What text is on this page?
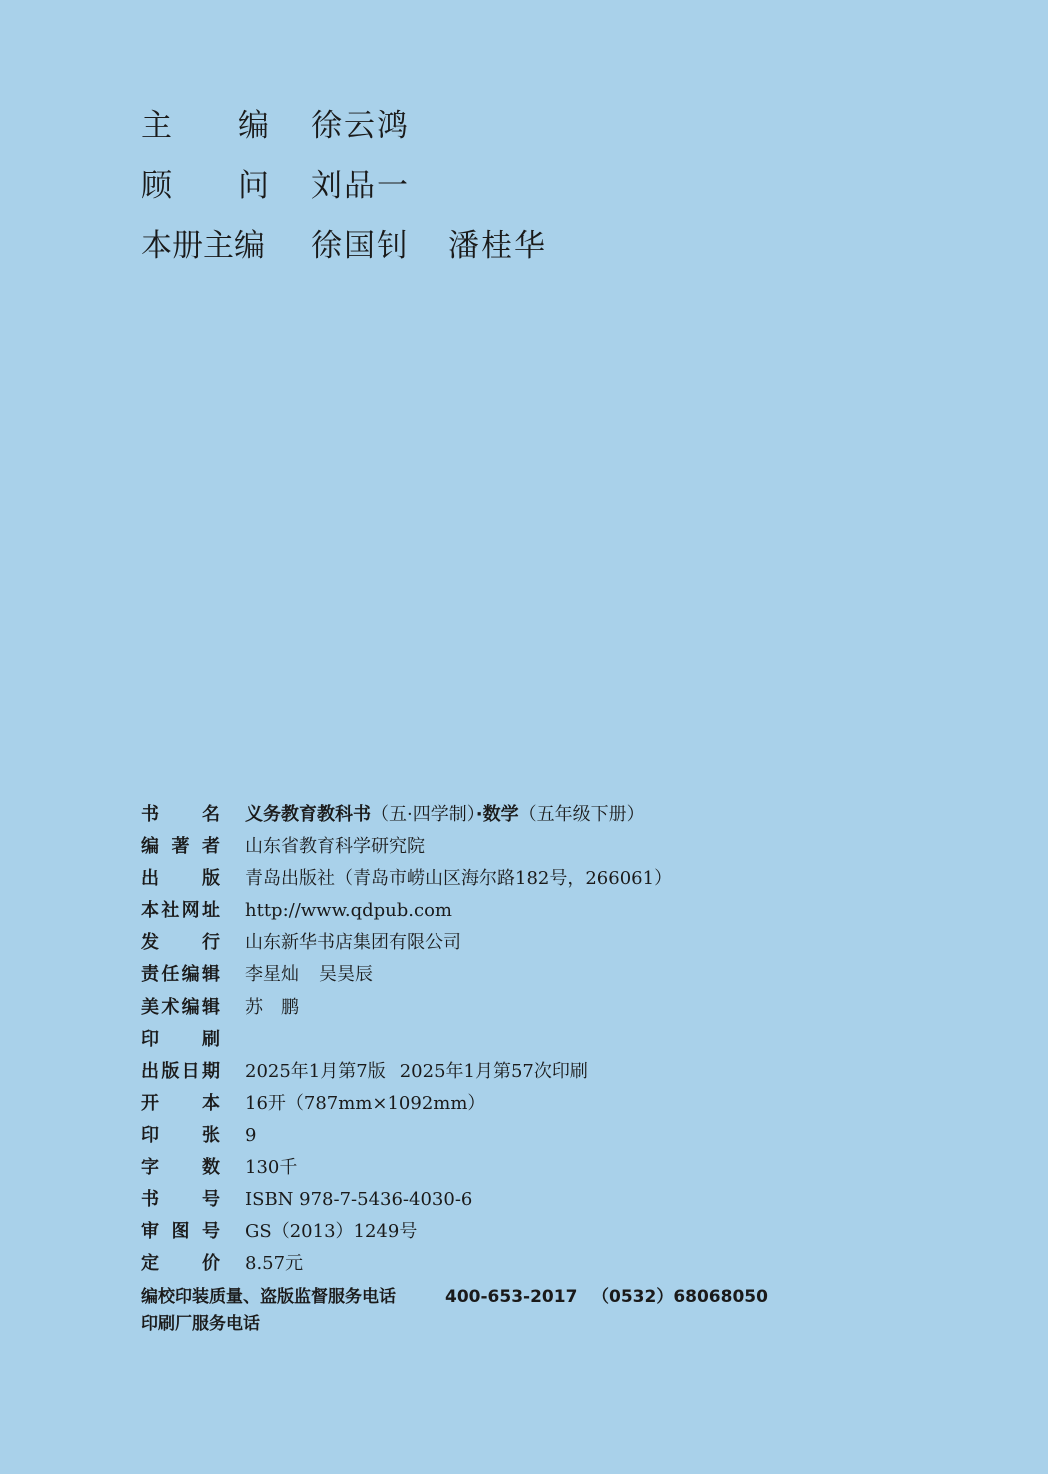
主 编 徐云鸿
顾 问 刘品一
本册主编 徐国钊 潘桂华
书 名 义务教育教科书（五·四学制）·数学（五年级下册）
编 著 者 山东省教育科学研究院
出 版 青岛出版社（青岛市崂山区海尔路182号，266061）
本 社 网 址 http://www.qdpub.com
发 行 山东新华书店集团有限公司
责 任 编 辑 李星灿 吴昊辰
美 术 编 辑 苏　鹏
印 刷
出 版 日 期 2025年1月第7版 2025年1月第57次印刷
开 本 16开（787mm×1092mm）
印 张 9
字 数 130千
书 号 ISBN 978-7-5436-4030-6
审 图 号 GS（2013）1249号
定 价 8.57元
编校印装质量、盗版监督服务电话	400-653-2017 （0532）68068050
印刷厂服务电话
